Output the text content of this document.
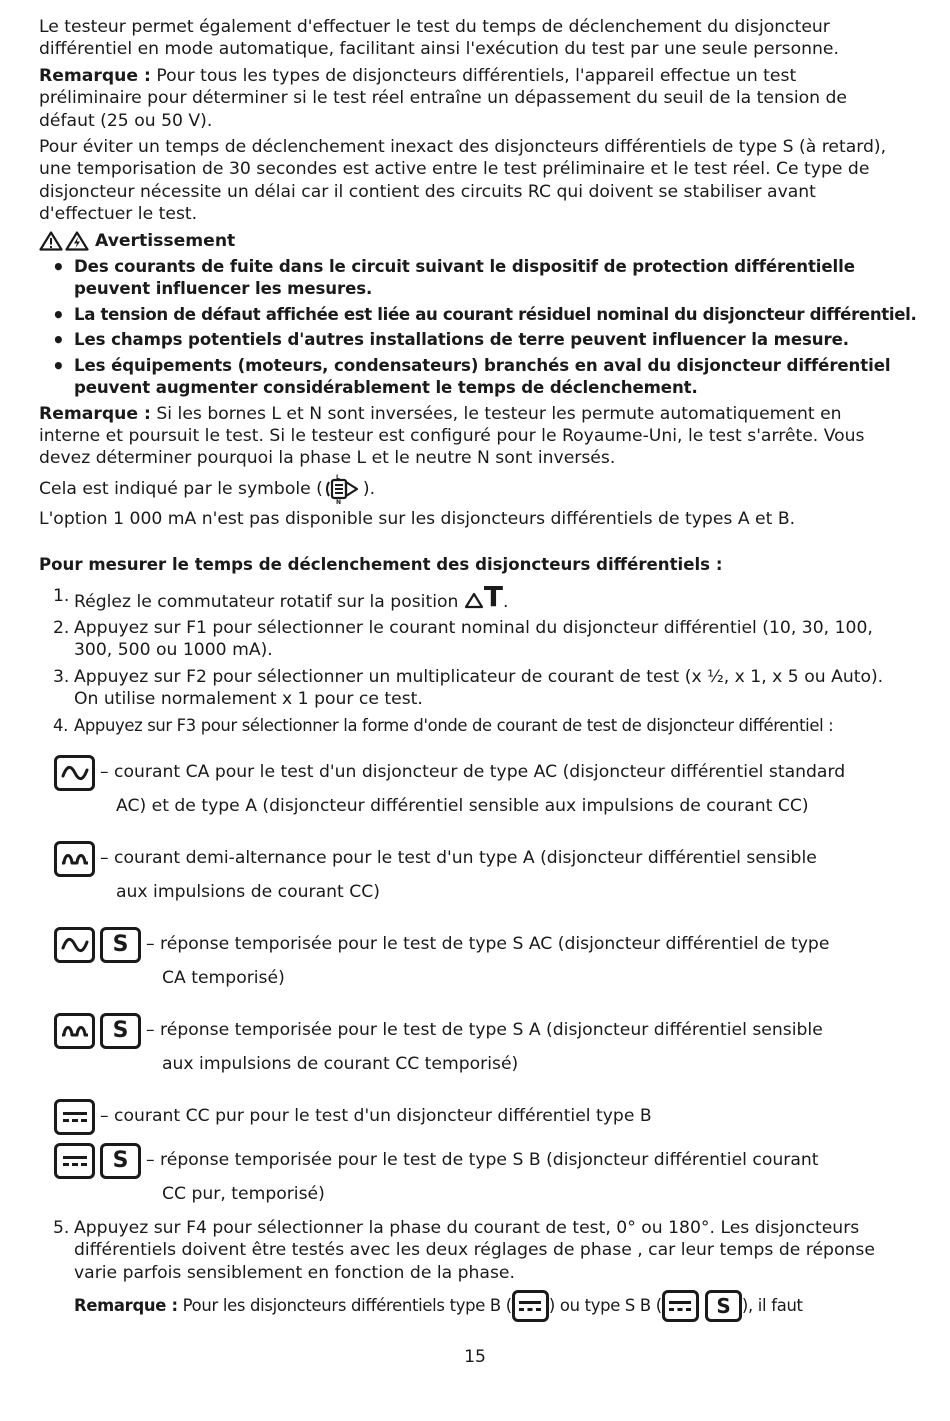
Le testeur permet également d'effectuer le test du temps de déclenchement du disjoncteur différentiel en mode automatique, facilitant ainsi l'exécution du test par une seule personne.

Remarque : Pour tous les types de disjoncteurs différentiels, l'appareil effectue un test préliminaire pour déterminer si le test réel entraîne un dépassement du seuil de la tension de défaut (25 ou 50 V).

Pour éviter un temps de déclenchement inexact des disjoncteurs différentiels de type S (à retard), une temporisation de 30 secondes est active entre le test préliminaire et le test réel. Ce type de disjoncteur nécessite un délai car il contient des circuits RC qui doivent se stabiliser avant d'effectuer le test.

Avertissement
• Des courants de fuite dans le circuit suivant le dispositif de protection différentielle peuvent influencer les mesures.
• La tension de défaut affichée est liée au courant résiduel nominal du disjoncteur différentiel.
• Les champs potentiels d'autres installations de terre peuvent influencer la mesure.
• Les équipements (moteurs, condensateurs) branchés en aval du disjoncteur différentiel peuvent augmenter considérablement le temps de déclenchement.

Remarque : Si les bornes L et N sont inversées, le testeur les permute automatiquement en interne et poursuit le test. Si le testeur est configuré pour le Royaume-Uni, le test s'arrête. Vous devez déterminer pourquoi la phase L et le neutre N sont inversés.

Cela est indiqué par le symbole (
L
N
).

L'option 1 000 mA n'est pas disponible sur les disjoncteurs différentiels de types A et B.

Pour mesurer le temps de déclenchement des disjoncteurs différentiels :

1. Réglez le commutateur rotatif sur la position T .
2. Appuyez sur F1 pour sélectionner le courant nominal du disjoncteur différentiel (10, 30, 100, 300, 500 ou 1000 mA).
3. Appuyez sur F2 pour sélectionner un multiplicateur de courant de test (x ½, x 1, x 5 ou Auto). On utilise normalement x 1 pour ce test.
4. Appuyez sur F3 pour sélectionner la forme d'onde de courant de test de disjoncteur différentiel :
– courant CA pour le test d'un disjoncteur de type AC (disjoncteur différentiel standard
AC) et de type A (disjoncteur différentiel sensible aux impulsions de courant CC)
– courant demi-alternance pour le test d'un type A (disjoncteur différentiel sensible
aux impulsions de courant CC)
S	– réponse temporisée pour le test de type S AC (disjoncteur différentiel de type
CA temporisé)
S	– réponse temporisée pour le test de type S A (disjoncteur différentiel sensible
aux impulsions de courant CC temporisé)
– courant CC pur pour le test d'un disjoncteur différentiel type B
S	– réponse temporisée pour le test de type S B (disjoncteur différentiel courant
CC pur, temporisé)
5. Appuyez sur F4 pour sélectionner la phase du courant de test, 0° ou 180°. Les disjoncteurs différentiels doivent être testés avec les deux réglages de phase , car leur temps de réponse varie parfois sensiblement en fonction de la phase.
Remarque : Pour les disjoncteurs différentiels type B ( ) ou type S B (	S ), il faut
15
